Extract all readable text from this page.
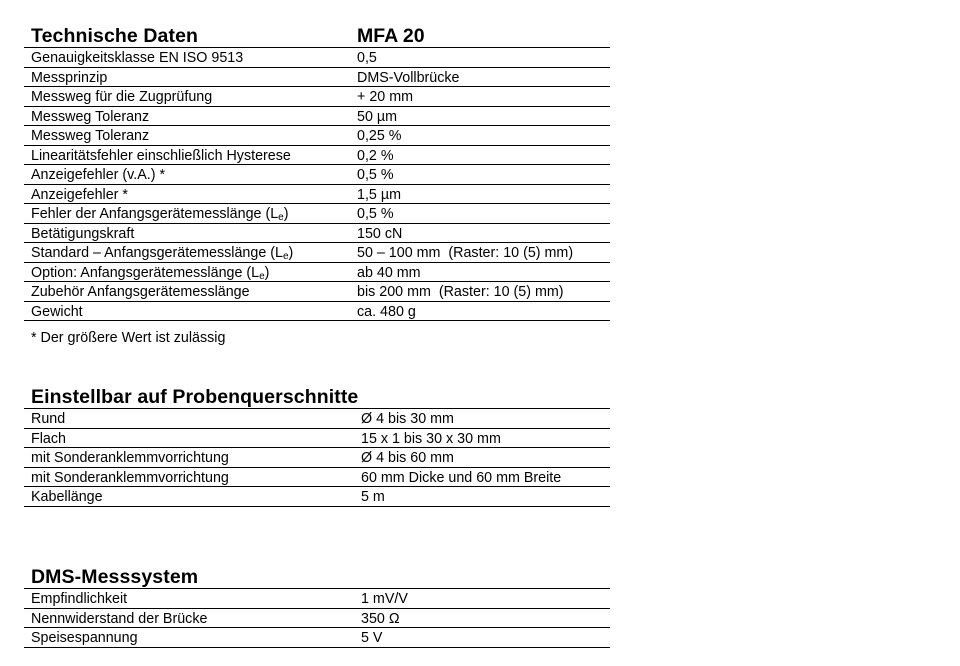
Technische Daten	MFA 20
Genauigkeitsklasse EN ISO 9513	0,5
Messprinzip	DMS-Vollbrücke
Messweg für die Zugprüfung	+ 20 mm
Messweg Toleranz	50 µm
Messweg Toleranz	0,25 %
Linearitätsfehler einschließlich Hysterese	0,2 %
Anzeigefehler (v.A.) *	0,5 %
Anzeigefehler *	1,5 µm
Fehler der Anfangsgerätemesslänge $(L_e)$	0,5 %
Betätigungskraft	150 cN
Standard – Anfangsgerätemesslänge $(L_e)$	50 – 100 mm  (Raster: 10 (5) mm)
Option: Anfangsgerätemesslänge $(L_e)$	ab 40 mm
Zubehör Anfangsgerätemesslänge	bis 200 mm  (Raster: 10 (5) mm)
Gewicht	ca. 480 g
* Der größere Wert ist zulässig
Einstellbar auf Probenquerschnitte
Rund	Ø 4 bis 30 mm
Flach	15 x 1 bis 30 x 30 mm
mit Sonderanklemmvorrichtung	Ø 4 bis 60 mm
mit Sonderanklemmvorrichtung	60 mm Dicke und 60 mm Breite
Kabellänge	5 m
DMS-Messsystem
Empfindlichkeit	1 mV/V
Nennwiderstand der Brücke	350 Ω
Speisespannung	5 V
